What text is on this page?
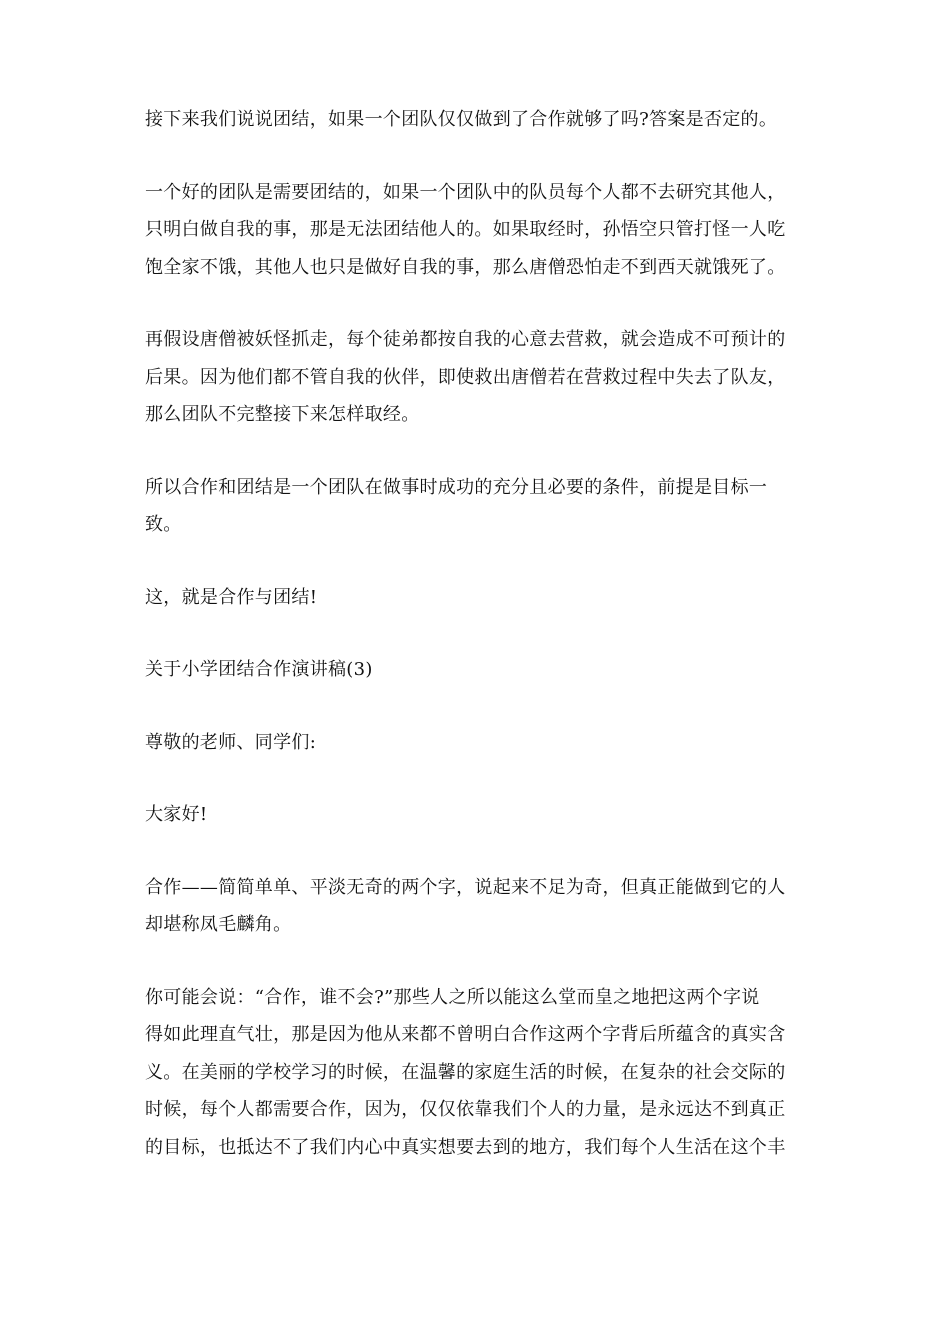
接下来我们说说团结，如果一个团队仅仅做到了合作就够了吗?答案是否定的。

一个好的团队是需要团结的，如果一个团队中的队员每个人都不去研究其他人，
只明白做自我的事，那是无法团结他人的。如果取经时，孙悟空只管打怪一人吃
饱全家不饿，其他人也只是做好自我的事，那么唐僧恐怕走不到西天就饿死了。

再假设唐僧被妖怪抓走，每个徒弟都按自我的心意去营救，就会造成不可预计的
后果。因为他们都不管自我的伙伴，即使救出唐僧若在营救过程中失去了队友，
那么团队不完整接下来怎样取经。

所以合作和团结是一个团队在做事时成功的充分且必要的条件，前提是目标一
致。

这，就是合作与团结!

关于小学团结合作演讲稿(3)

尊敬的老师、同学们:

大家好!

合作——简简单单、平淡无奇的两个字，说起来不足为奇，但真正能做到它的人
却堪称凤毛麟角。

你可能会说：“合作，谁不会?”那些人之所以能这么堂而皇之地把这两个字说
得如此理直气壮，那是因为他从来都不曾明白合作这两个字背后所蕴含的真实含
义。在美丽的学校学习的时候，在温馨的家庭生活的时候，在复杂的社会交际的
时候，每个人都需要合作，因为，仅仅依靠我们个人的力量，是永远达不到真正
的目标，也抵达不了我们内心中真实想要去到的地方，我们每个人生活在这个丰
